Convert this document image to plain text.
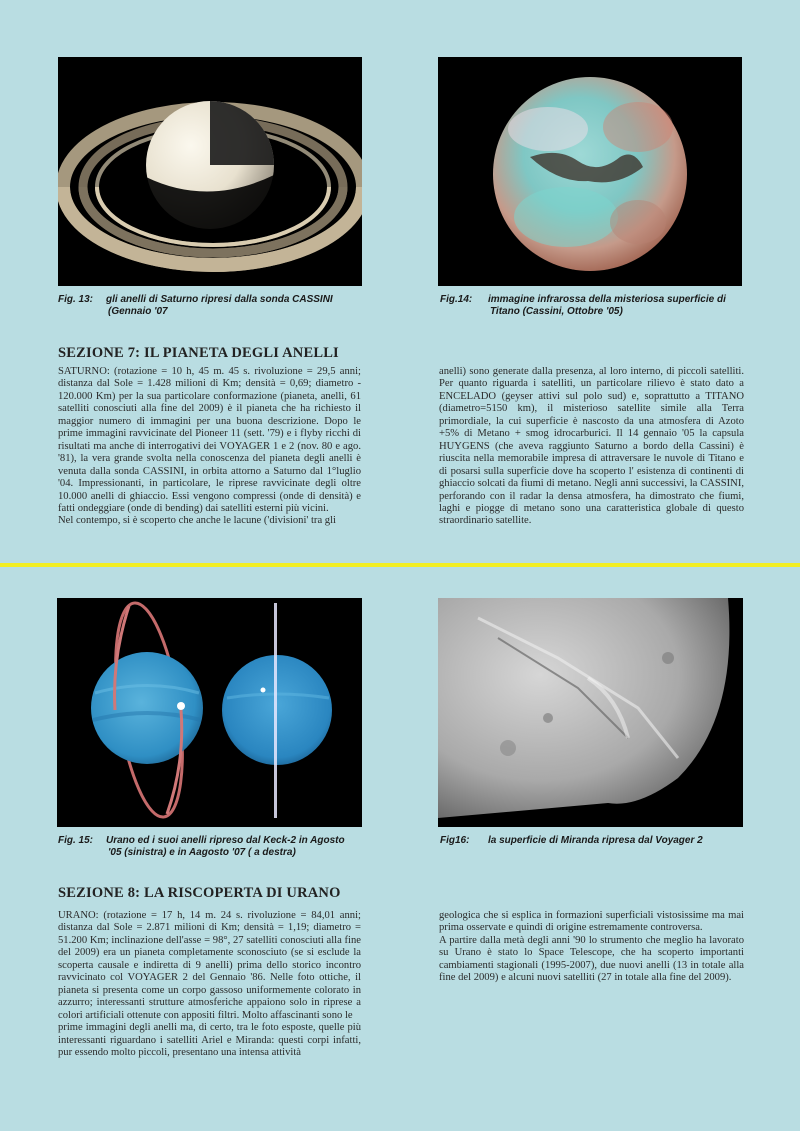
Fig. 13: gli anelli di Saturno ripresi dalla sonda CASSINI
(Gennaio '07
Fig.14: immagine infrarossa della misteriosa superficie di
Titano (Cassini, Ottobre '05)
SEZIONE 7: IL PIANETA DEGLI ANELLI

SATURNO: (rotazione = 10 h, 45 m. 45 s. rivoluzione = 29,5 anni; distanza dal Sole = 1.428 milioni di Km; densità = 0,69; diametro - 120.000 Km) per la sua particolare conformazione (pianeta, anelli, 61 satelliti conosciuti alla fine del 2009) è il pianeta che ha richiesto il maggior numero di immagini per una buona descrizione. Dopo le prime immagini ravvicinate del Pioneer 11 (sett. '79) e i flyby ricchi di risultati ma anche di interrogativi dei VOYAGER 1 e 2 (nov. 80 e ago. '81), la vera grande svolta nella conoscenza del pianeta degli anelli è venuta dalla sonda CASSINI, in orbita attorno a Saturno dal 1°luglio '04. Impressionanti, in particolare, le riprese ravvicinate degli oltre 10.000 anelli di ghiaccio. Essi vengono compressi (onde di densità) e fatti ondeggiare (onde di bending) dai satelliti esterni più vicini.

Nel contempo, si è scoperto che anche le lacune ('divisioni' tra gli

anelli) sono generate dalla presenza, al loro interno, di piccoli satelliti. Per quanto riguarda i satelliti, un particolare rilievo è stato dato a ENCELADO (geyser attivi sul polo sud) e, soprattutto a TITANO (diametro=5150 km), il misterioso satellite simile alla Terra primordiale, la cui superficie è nascosto da una atmosfera di Azoto +5% di Metano + smog idrocarburici. Il 14 gennaio '05 la capsula HUYGENS (che aveva raggiunto Saturno a bordo della Cassini) è riuscita nella memorabile impresa di attraversare le nuvole di Titano e di posarsi sulla superficie dove ha scoperto l' esistenza di continenti di ghiaccio solcati da fiumi di metano. Negli anni successivi, la CASSINI, perforando con il radar la densa atmosfera, ha dimostrato che fiumi, laghi e piogge di metano sono una caratteristica globale di questo straordinario satellite.

Fig. 15: Urano ed i suoi anelli ripreso dal Keck-2 in Agosto
'05 (sinistra) e in Aagosto '07 ( a destra)
Fig16: la superficie di Miranda ripresa dal Voyager 2
SEZIONE 8: LA RISCOPERTA DI URANO

URANO: (rotazione = 17 h, 14 m. 24 s. rivoluzione = 84,01 anni; distanza dal Sole = 2.871 milioni di Km; densità = 1,19; diametro = 51.200 Km; inclinazione dell'asse = 98°, 27 satelliti conosciuti alla fine del 2009) era un pianeta completamente sconosciuto (se si esclude la scoperta causale e indiretta di 9 anelli) prima dello storico incontro ravvicinato col VOYAGER 2 del Gennaio '86. Nelle foto ottiche, il pianeta si presenta come un corpo gassoso uniformemente colorato in azzurro; interessanti strutture atmosferiche appaiono solo in riprese a colori artificiali ottenute con appositi filtri. Molto affascinanti sono le

prime immagini degli anelli ma, di certo, tra le foto esposte, quelle più interessanti riguardano i satelliti Ariel e Miranda: questi corpi infatti, pur essendo molto piccoli, presentano una intensa attività

geologica che si esplica in formazioni superficiali vistosissime ma mai prima osservate e quindi di origine estremamente controversa.

A partire dalla metà degli anni '90 lo strumento che meglio ha lavorato su Urano è stato lo Space Telescope, che ha scoperto importanti cambiamenti stagionali (1995-2007), due nuovi anelli (13 in totale alla fine del 2009) e alcuni nuovi satelliti (27 in totale alla fine del 2009).
